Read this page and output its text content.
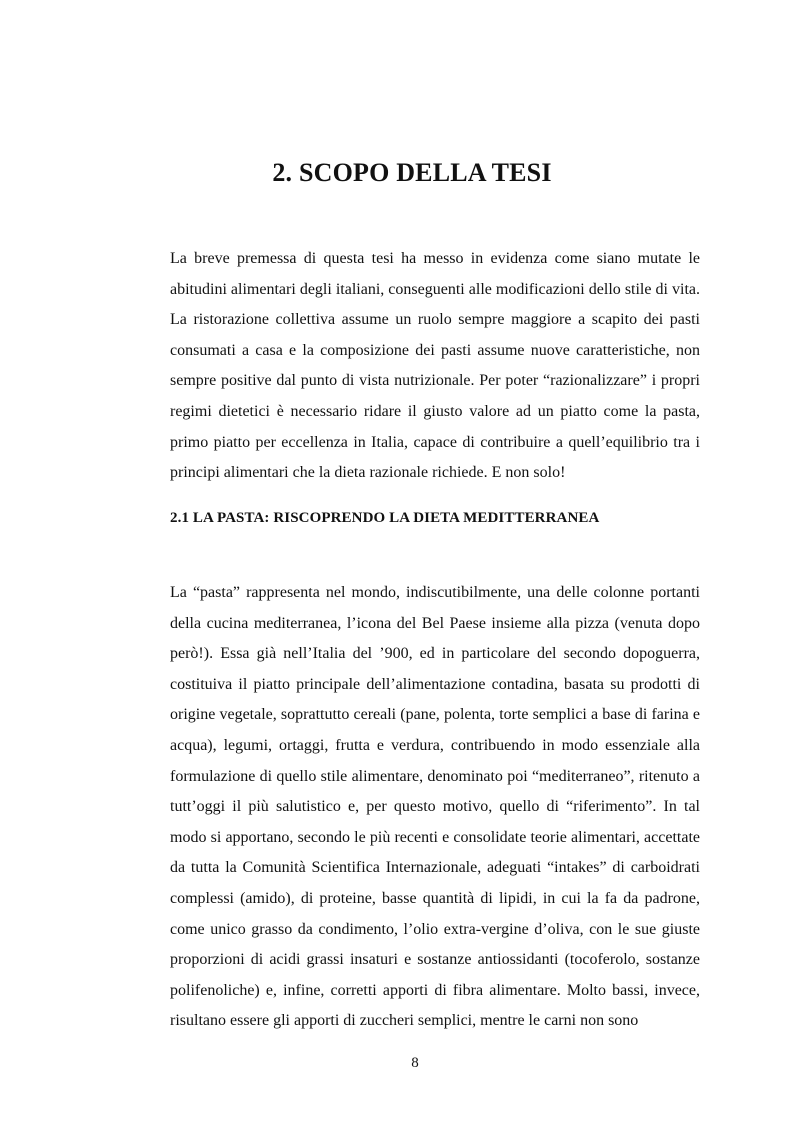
2. SCOPO DELLA TESI

La breve premessa di questa tesi ha messo in evidenza come siano mutate le abitudini alimentari degli italiani, conseguenti alle modificazioni dello stile di vita. La ristorazione collettiva assume un ruolo sempre maggiore a scapito dei pasti consumati a casa e la composizione dei pasti assume nuove caratteristiche, non sempre positive dal punto di vista nutrizionale. Per poter “razionalizzare” i propri regimi dietetici è necessario ridare il giusto valore ad un piatto come la pasta, primo piatto per eccellenza in Italia, capace di contribuire a quell’equilibrio tra i principi alimentari che la dieta razionale richiede. E non solo!

2.1 LA PASTA: RISCOPRENDO LA DIETA MEDITTERRANEA

La “pasta” rappresenta nel mondo, indiscutibilmente, una delle colonne portanti della cucina mediterranea, l’icona del Bel Paese insieme alla pizza (venuta dopo però!). Essa già nell’Italia del ’900, ed in particolare del secondo dopoguerra, costituiva il piatto principale dell’alimentazione contadina, basata su prodotti di origine vegetale, soprattutto cereali (pane, polenta, torte semplici a base di farina e acqua), legumi, ortaggi, frutta e verdura, contribuendo in modo essenziale alla formulazione di quello stile alimentare, denominato poi “mediterraneo”, ritenuto a tutt’oggi il più salutistico e, per questo motivo, quello di “riferimento”. In tal modo si apportano, secondo le più recenti e consolidate teorie alimentari, accettate da tutta la Comunità Scientifica Internazionale, adeguati “intakes” di carboidrati complessi (amido), di proteine, basse quantità di lipidi, in cui la fa da padrone, come unico grasso da condimento, l’olio extra-vergine d’oliva, con le sue giuste proporzioni di acidi grassi insaturi e sostanze antiossidanti (tocoferolo, sostanze polifenoliche) e, infine, corretti apporti di fibra alimentare. Molto bassi, invece, risultano essere gli apporti di zuccheri semplici, mentre le carni non sono

8
